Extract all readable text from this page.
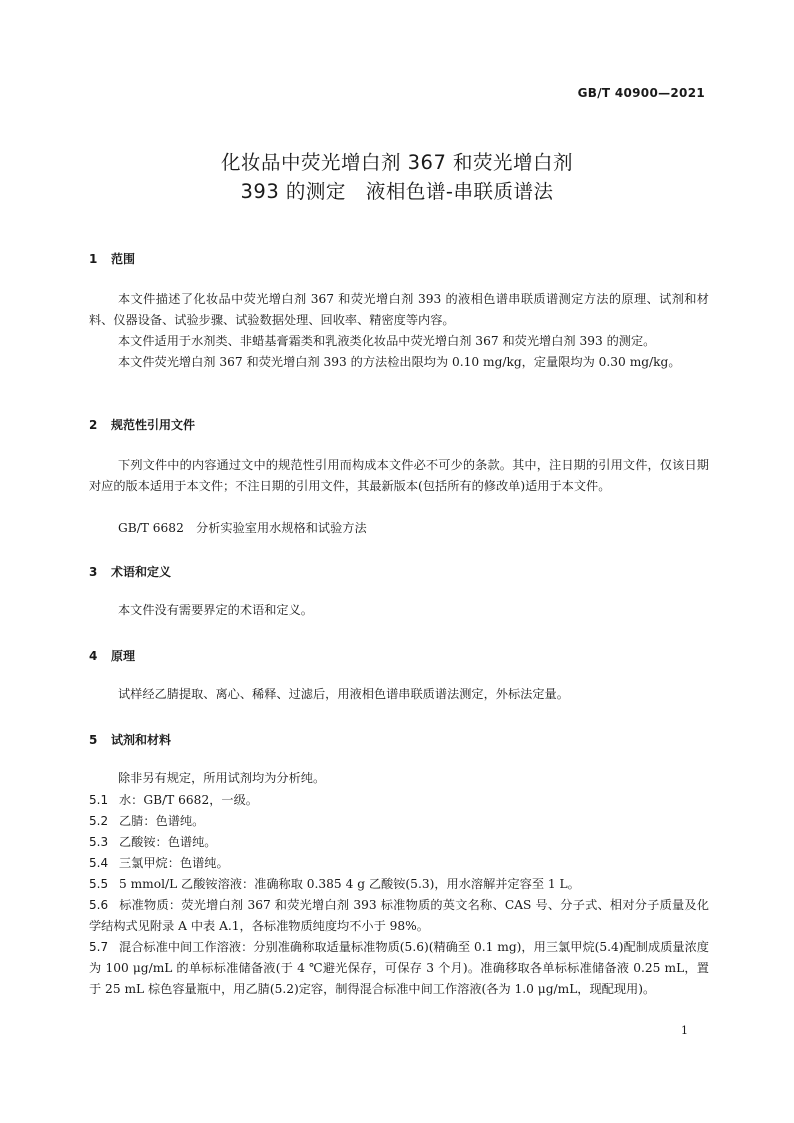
GB/T 40900—2021
化妆品中荧光增白剂 367 和荧光增白剂
393 的测定　液相色谱-串联质谱法
1 范围
本文件描述了化妆品中荧光增白剂 367 和荧光增白剂 393 的液相色谱串联质谱测定方法的原理、试剂和材料、仪器设备、试验步骤、试验数据处理、回收率、精密度等内容。
本文件适用于水剂类、非蜡基膏霜类和乳液类化妆品中荧光增白剂 367 和荧光增白剂 393 的测定。
本文件荧光增白剂 367 和荧光增白剂 393 的方法检出限均为 0.10 mg/kg，定量限均为 0.30 mg/kg。
2 规范性引用文件
下列文件中的内容通过文中的规范性引用而构成本文件必不可少的条款。其中，注日期的引用文件，仅该日期对应的版本适用于本文件；不注日期的引用文件，其最新版本(包括所有的修改单)适用于本文件。
GB/T 6682　分析实验室用水规格和试验方法
3 术语和定义
本文件没有需要界定的术语和定义。
4 原理
试样经乙腈提取、离心、稀释、过滤后，用液相色谱串联质谱法测定，外标法定量。
5 试剂和材料
除非另有规定，所用试剂均为分析纯。
5.1 水：GB/T 6682，一级。
5.2 乙腈：色谱纯。
5.3 乙酸铵：色谱纯。
5.4 三氯甲烷：色谱纯。
5.5 5 mmol/L 乙酸铵溶液：准确称取 0.385 4 g 乙酸铵(5.3)，用水溶解并定容至 1 L。
5.6 标准物质：荧光增白剂 367 和荧光增白剂 393 标准物质的英文名称、CAS 号、分子式、相对分子质量及化学结构式见附录 A 中表 A.1，各标准物质纯度均不小于 98%。
5.7 混合标准中间工作溶液：分别准确称取适量标准物质(5.6)(精确至 0.1 mg)，用三氯甲烷(5.4)配制成质量浓度为 100 μg/mL 的单标标准储备液(于 4 ℃避光保存，可保存 3 个月)。准确移取各单标标准储备液 0.25 mL，置于 25 mL 棕色容量瓶中，用乙腈(5.2)定容，制得混合标准中间工作溶液(各为 1.0 μg/mL，现配现用)。
1
